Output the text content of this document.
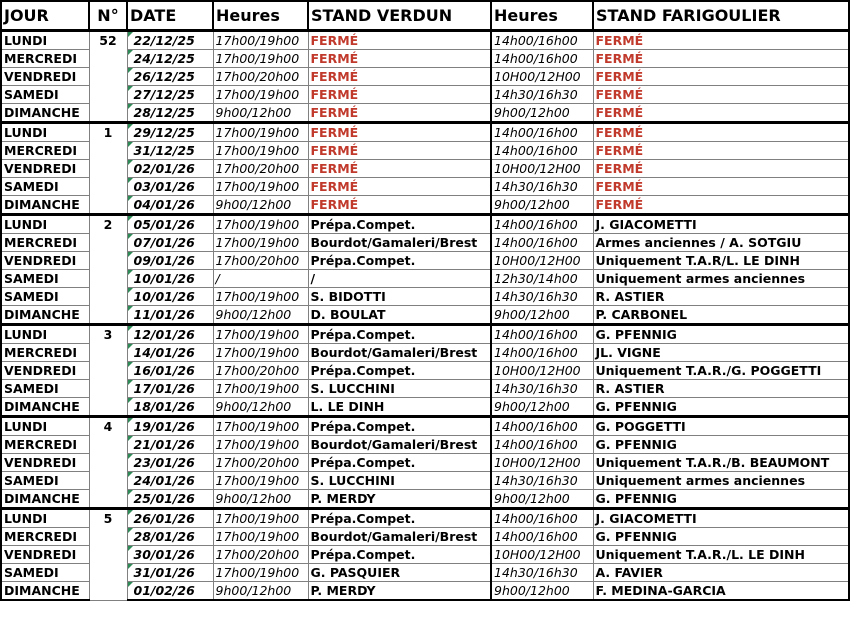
JOUR	N°	DATE	Heures	STAND VERDUN	Heures	STAND FARIGOULIER
LUNDI	52	22/12/25	17h00/19h00	FERMÉ	14h00/16h00	FERMÉ
MERCREDI		24/12/25	17h00/19h00	FERMÉ	14h00/16h00	FERMÉ
VENDREDI		26/12/25	17h00/20h00	FERMÉ	10H00/12H00	FERMÉ
SAMEDI		27/12/25	17h00/19h00	FERMÉ	14h30/16h30	FERMÉ
DIMANCHE		28/12/25	9h00/12h00	FERMÉ	9h00/12h00	FERMÉ
LUNDI	1	29/12/25	17h00/19h00	FERMÉ	14h00/16h00	FERMÉ
MERCREDI		31/12/25	17h00/19h00	FERMÉ	14h00/16h00	FERMÉ
VENDREDI		02/01/26	17h00/20h00	FERMÉ	10H00/12H00	FERMÉ
SAMEDI		03/01/26	17h00/19h00	FERMÉ	14h30/16h30	FERMÉ
DIMANCHE		04/01/26	9h00/12h00	FERMÉ	9h00/12h00	FERMÉ
LUNDI	2	05/01/26	17h00/19h00	Prépa.Compet.	14h00/16h00	J. GIACOMETTI
MERCREDI		07/01/26	17h00/19h00	Bourdot/Gamaleri/Brest	14h00/16h00	Armes anciennes / A. SOTGIU
VENDREDI		09/01/26	17h00/20h00	Prépa.Compet.	10H00/12H00	Uniquement T.A.R/L. LE DINH
SAMEDI		10/01/26	/	/	12h30/14h00	Uniquement armes anciennes
SAMEDI		10/01/26	17h00/19h00	S. BIDOTTI	14h30/16h30	R. ASTIER
DIMANCHE		11/01/26	9h00/12h00	D. BOULAT	9h00/12h00	P. CARBONEL
LUNDI	3	12/01/26	17h00/19h00	Prépa.Compet.	14h00/16h00	G. PFENNIG
MERCREDI		14/01/26	17h00/19h00	Bourdot/Gamaleri/Brest	14h00/16h00	JL. VIGNE
VENDREDI		16/01/26	17h00/20h00	Prépa.Compet.	10H00/12H00	Uniquement T.A.R./G. POGGETTI
SAMEDI		17/01/26	17h00/19h00	S. LUCCHINI	14h30/16h30	R. ASTIER
DIMANCHE		18/01/26	9h00/12h00	L. LE DINH	9h00/12h00	G. PFENNIG
LUNDI	4	19/01/26	17h00/19h00	Prépa.Compet.	14h00/16h00	G. POGGETTI
MERCREDI		21/01/26	17h00/19h00	Bourdot/Gamaleri/Brest	14h00/16h00	G. PFENNIG
VENDREDI		23/01/26	17h00/20h00	Prépa.Compet.	10H00/12H00	Uniquement T.A.R./B. BEAUMONT
SAMEDI		24/01/26	17h00/19h00	S. LUCCHINI	14h30/16h30	Uniquement armes anciennes
DIMANCHE		25/01/26	9h00/12h00	P. MERDY	9h00/12h00	G. PFENNIG
LUNDI	5	26/01/26	17h00/19h00	Prépa.Compet.	14h00/16h00	J. GIACOMETTI
MERCREDI		28/01/26	17h00/19h00	Bourdot/Gamaleri/Brest	14h00/16h00	G. PFENNIG
VENDREDI		30/01/26	17h00/20h00	Prépa.Compet.	10H00/12H00	Uniquement T.A.R./L. LE DINH
SAMEDI		31/01/26	17h00/19h00	G. PASQUIER	14h30/16h30	A. FAVIER
DIMANCHE		01/02/26	9h00/12h00	P. MERDY	9h00/12h00	F. MEDINA-GARCIA
